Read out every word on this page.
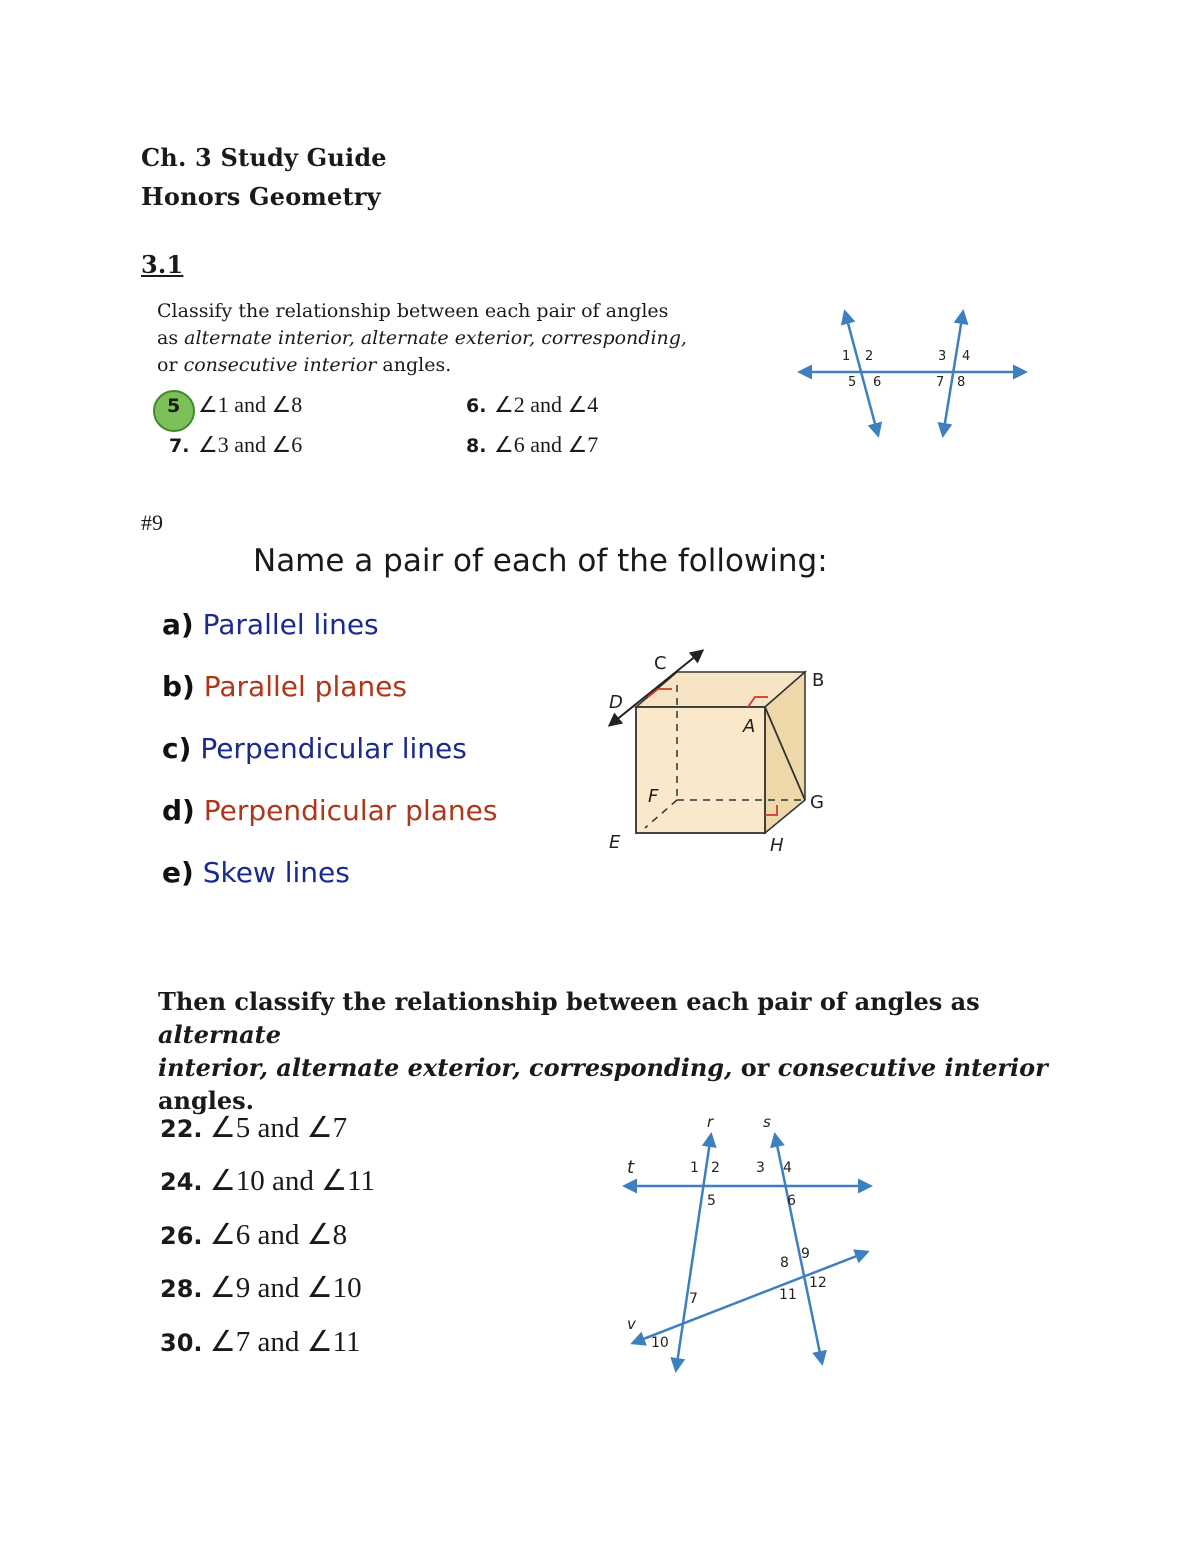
Ch. 3 Study Guide
Honors Geometry
3.1
Classify the relationship between each pair of angles
as alternate interior, alternate exterior, corresponding,
or consecutive interior angles.
5 ∠1 and ∠8	6. ∠2 and ∠4
7. ∠3 and ∠6	8. ∠6 and ∠7
1 2	3 4
5 6	7 8
#9
Name a pair of each of the following:
a) Parallel lines
b) Parallel planes
c) Perpendicular lines
d) Perpendicular planes
e) Skew lines
A
B
C
D
E
F	G
H
Then classify the relationship between each pair of angles as alternate
interior, alternate exterior, corresponding, or consecutive interior angles.
22. ∠5 and ∠7
24. ∠10 and ∠11
26. ∠6 and ∠8
28. ∠9 and ∠10
30. ∠7 and ∠11
r	s
t
v
1 2	3 4
5	6
7
8
9
10
11
12
